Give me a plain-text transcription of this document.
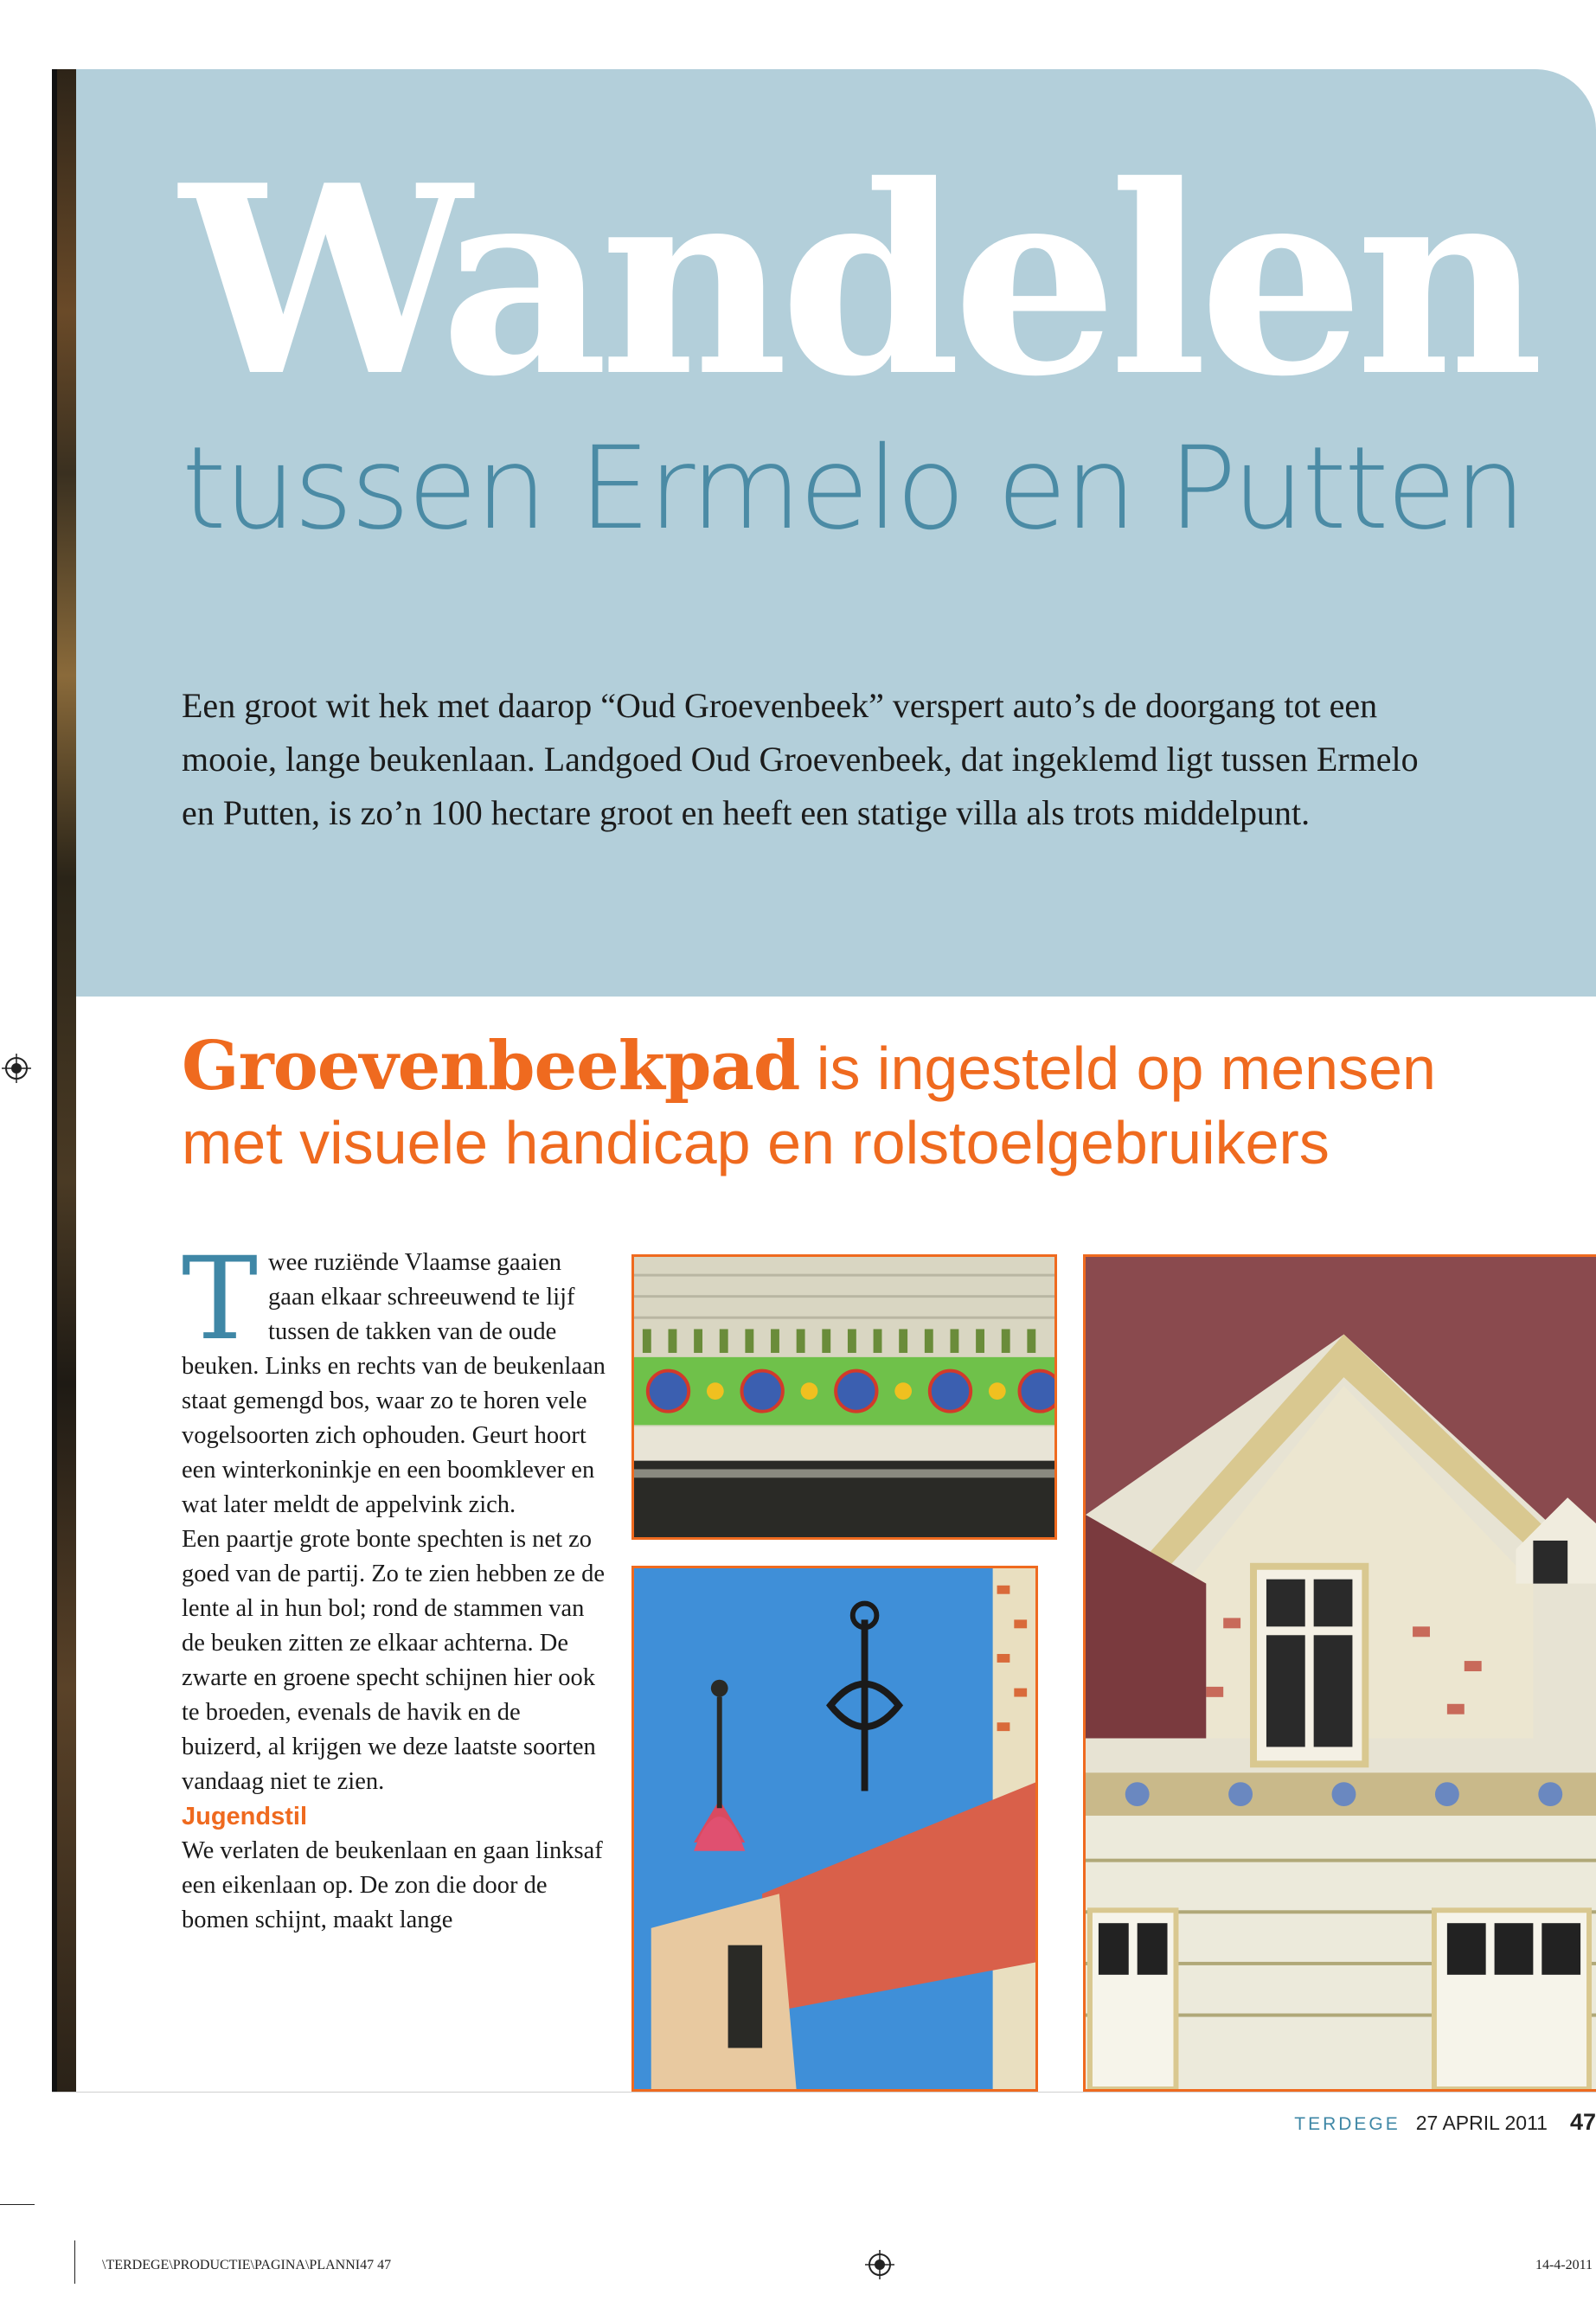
Wandelen
tussen Ermelo en Putten

Een groot wit hek met daarop “Oud Groevenbeek” verspert auto’s de doorgang tot een mooie, lange beukenlaan. Landgoed Oud Groevenbeek, dat ingeklemd ligt tussen Ermelo en Putten, is zo’n 100 hectare groot en heeft een statige villa als trots middelpunt.

Groevenbeekpad is ingesteld op mensen
met visuele handicap en rolstoelgebruikers

Twee ruziënde Vlaamse gaaien gaan elkaar schreeuwend te lijf tussen de takken van de oude beuken. Links en rechts van de beukenlaan staat gemengd bos, waar zo te horen vele vogelsoorten zich ophouden. Geurt hoort een winterkoninkje en een boomklever en wat later meldt de appelvink zich.

Een paartje grote bonte spechten is net zo goed van de partij. Zo te zien hebben ze de lente al in hun bol; rond de stammen van de beuken zitten ze elkaar achterna. De zwarte en groene specht schijnen hier ook te broeden, evenals de havik en de buizerd, al krijgen we deze laatste soorten vandaag niet te zien.

Jugendstil

We verlaten de beukenlaan en gaan linksaf een eikenlaan op. De zon die door de bomen schijnt, maakt lange

TERDEGE 27 APRIL 2011 47
\TERDEGE\PRODUCTIE\PAGINA\PLANNI47 47	14-4-2011
